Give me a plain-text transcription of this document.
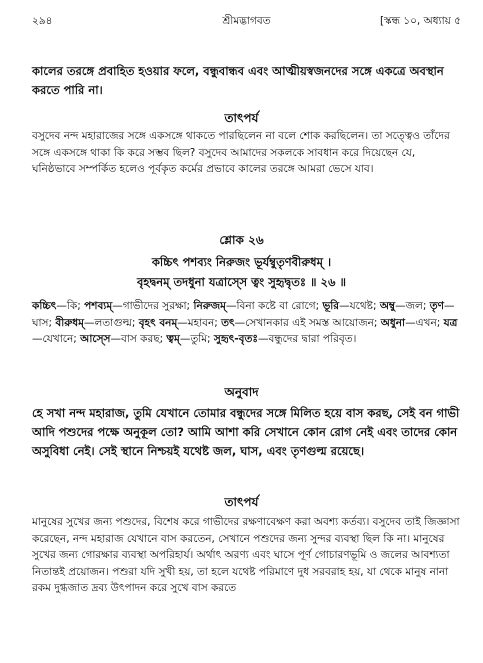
২৯৪	শ্রীমদ্ভাগবত	[স্কন্ধ ১০, অধ্যায় ৫

কালের তরঙ্গে প্রবাহিত হওয়ার ফলে, বন্ধুবান্ধব এবং আত্মীয়স্বজনদের সঙ্গে একত্রে অবস্থান করতে পারি না।

তাৎপর্য

বসুদেব নন্দ মহারাজের সঙ্গে একসঙ্গে থাকতে পারছিলেন না বলে শোক করছিলেন। তা সত্ত্বেও তাঁদের সঙ্গে একসঙ্গে থাকা কি করে সম্ভব ছিল? বসুদেব আমাদের সকলকে সাবধান করে দিয়েছেন যে, ঘনিষ্ঠভাবে সম্পর্কিত হলেও পূর্বকৃত কর্মের প্রভাবে কালের তরঙ্গে আমরা ভেসে যাব।

শ্লোক ২৬
কচ্চিৎ পশব্যং নিরুজং ভূর্যম্বুতৃণবীরুধম্ ।
বৃহদ্বনম্ তদধুনা যত্রাস্সে ত্বং সুহৃদ্বৃতঃ ॥ ২৬ ॥

কচ্চিৎ—কি; পশব্যম্—গাভীদের সুরক্ষা; নিরুজম্—বিনা কষ্টে বা রোগে; ভূরি—যথেষ্ট; অম্বু—জল; তৃণ—ঘাস; বীরুধম্—লতাগুল্ম; বৃহৎ বনম্—মহাবন; তৎ—সেখানকার এই সমস্ত আয়োজন; অধুনা—এখন; যত্র—যেখানে; আস্সে—বাস করছ; ত্বম্—তুমি; সুহৃৎ-বৃতঃ—বন্ধুদের দ্বারা পরিবৃত।

অনুবাদ

হে সখা নন্দ মহারাজ, তুমি যেখানে তোমার বন্ধুদের সঙ্গে মিলিত হয়ে বাস করছ, সেই বন গাভী আদি পশুদের পক্ষে অনুকূল তো? আমি আশা করি সেখানে কোন রোগ নেই এবং তাদের কোন অসুবিধা নেই। সেই স্থানে নিশ্চয়ই যথেষ্ট জল, ঘাস, এবং তৃণগুল্ম রয়েছে।

তাৎপর্য

মানুষের সুখের জন্য পশুদের, বিশেষ করে গাভীদের রক্ষণাবেক্ষণ করা অবশ্য কর্তব্য। বসুদেব তাই জিজ্ঞাসা করেছেন, নন্দ মহারাজ যেখানে বাস করতেন, সেখানে পশুদের জন্য সুন্দর ব্যবস্থা ছিল কি না। মানুষের সুখের জন্য গোরক্ষার ব্যবস্থা অপরিহার্য। অর্থাৎ অরণ্য এবং ঘাসে পূর্ণ গোচারণভূমি ও জলের আবশ্যতা নিতান্তই প্রয়োজন। পশুরা যদি সুখী হয়, তা হলে যথেষ্ট পরিমাণে দুধ সরবরাহ হয়, যা থেকে মানুষ নানা রকম দুগ্ধজাত দ্রব্য উৎপাদন করে সুখে বাস করতে
